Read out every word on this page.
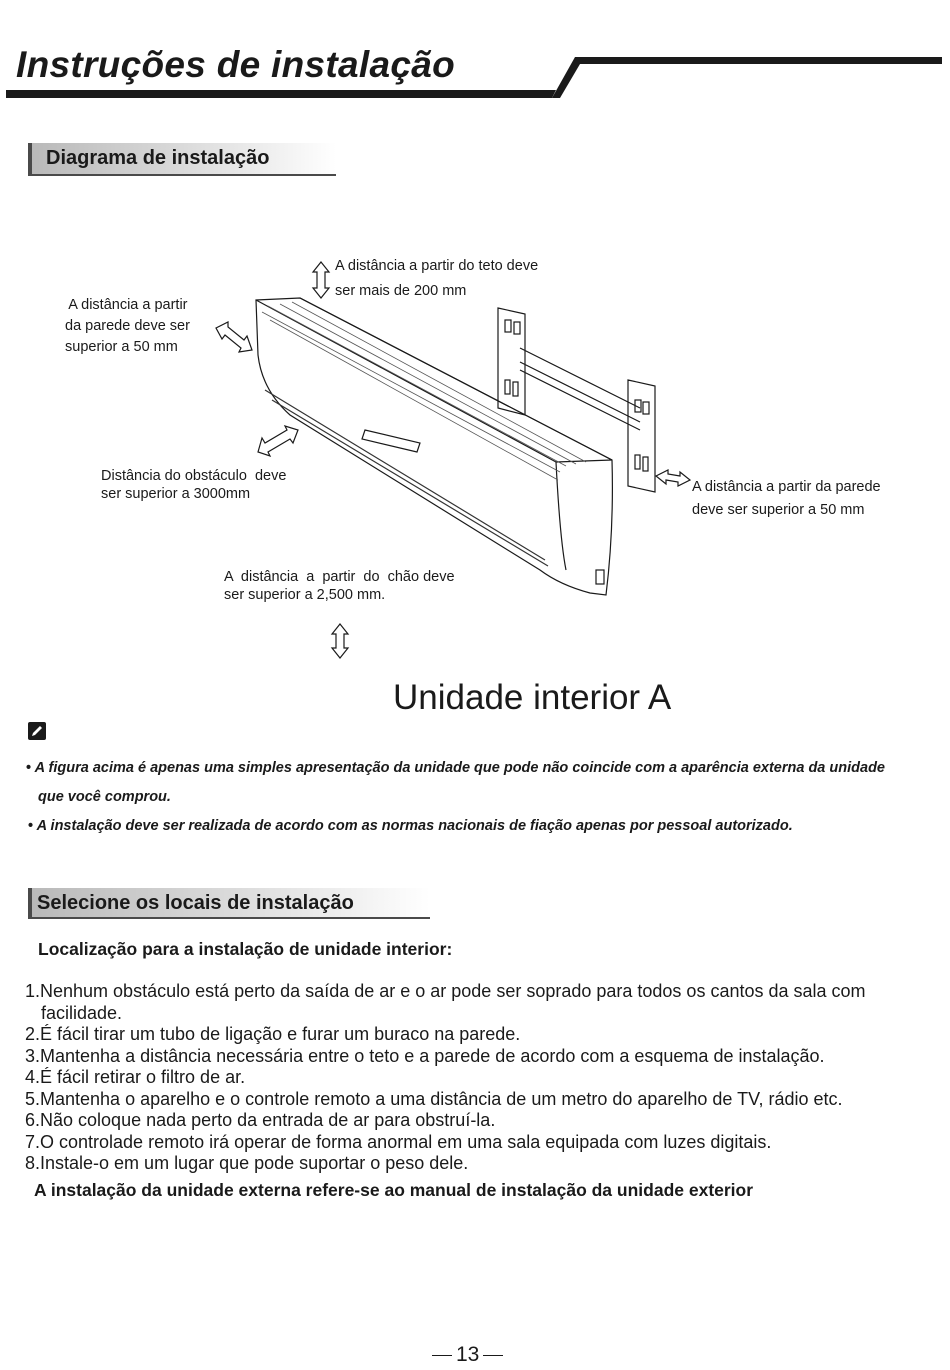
Instruções de instalação
Diagrama de instalação
A distância a partir do teto deve
ser mais de 200 mm
A distância a partir
da parede deve ser
superior a 50 mm
Distância do obstáculo  deve
ser superior a 3000mm	A distância a partir da parede
deve ser superior a 50 mm
A  distância  a  partir  do  chão deve
ser superior a 2,500 mm.
Unidade interior A
• A figura acima é apenas uma simples apresentação da unidade que pode não coincide com a aparência externa da unidade
que você comprou.
• A instalação deve ser realizada de acordo com as normas nacionais de fiação apenas por pessoal autorizado.
Selecione os locais de instalação
Localização para a instalação de unidade interior:
1.Nenhum obstáculo está perto da saída de ar e o ar pode ser soprado para todos os cantos da sala com facilidade.
2.É fácil tirar um tubo de ligação e furar um buraco na parede.
3.Mantenha a distância necessária entre o teto e a parede de acordo com a esquema de instalação.
4.É fácil retirar o filtro de ar.
5.Mantenha o aparelho e o controle remoto a uma distância de um metro do aparelho de TV, rádio etc.
6.Não coloque nada perto da entrada de ar para obstruí-la.
7.O controlade remoto irá operar de forma anormal em uma sala equipada com luzes digitais.
8.Instale-o em um lugar que pode suportar o peso dele.
A instalação da unidade externa refere-se ao manual de instalação da unidade exterior
13
